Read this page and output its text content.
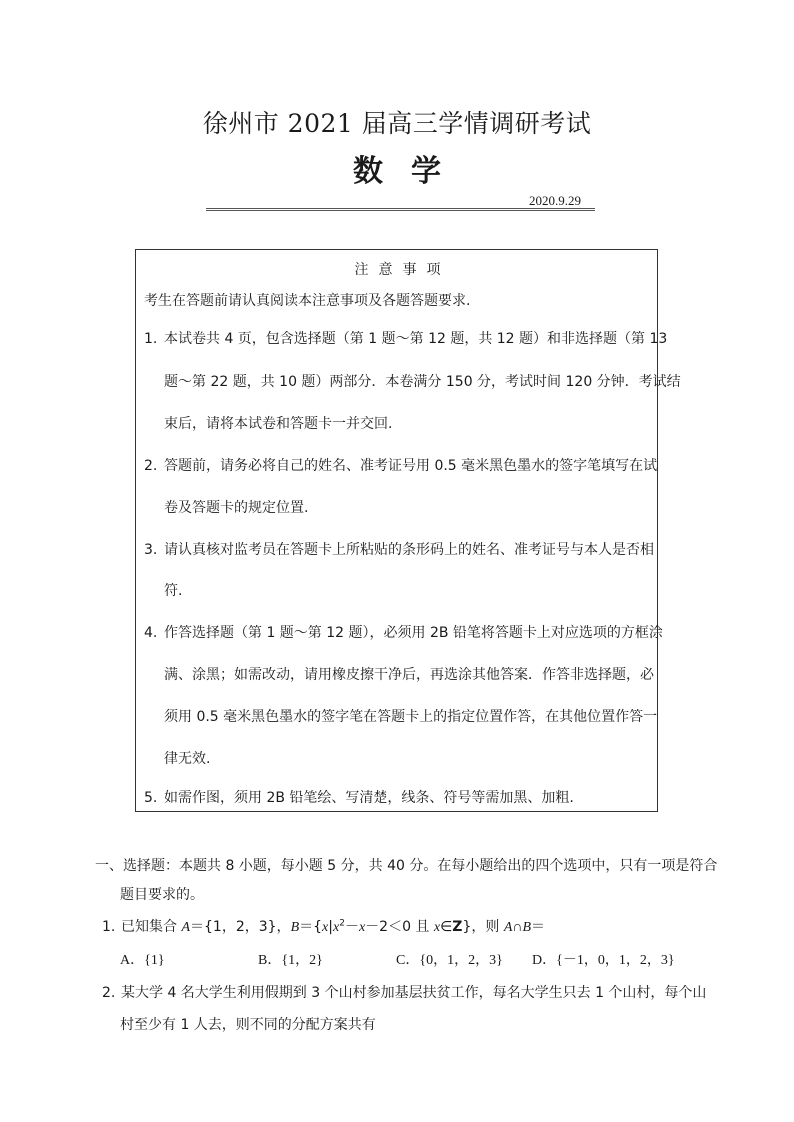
徐州市 2021 届高三学情调研考试
数学
2020.9.29
注意事项
考生在答题前请认真阅读本注意事项及各题答题要求.
1. 本试卷共 4 页，包含选择题（第 1 题～第 12 题，共 12 题）和非选择题（第 13
题～第 22 题，共 10 题）两部分．本卷满分 150 分，考试时间 120 分钟．考试结
束后，请将本试卷和答题卡一并交回.
2. 答题前，请务必将自己的姓名、准考证号用 0.5 毫米黑色墨水的签字笔填写在试
卷及答题卡的规定位置.
3. 请认真核对监考员在答题卡上所粘贴的条形码上的姓名、准考证号与本人是否相
符.
4. 作答选择题（第 1 题～第 12 题），必须用 2B 铅笔将答题卡上对应选项的方框涂
满、涂黑；如需改动，请用橡皮擦干净后，再选涂其他答案．作答非选择题，必
须用 0.5 毫米黑色墨水的签字笔在答题卡上的指定位置作答，在其他位置作答一
律无效.
5. 如需作图，须用 2B 铅笔绘、写清楚，线条、符号等需加黑、加粗.
一、选择题：本题共 8 小题，每小题 5 分，共 40 分。在每小题给出的四个选项中，只有一项是符合
题目要求的。
1. 已知集合 A＝{1，2，3}，$B=\{x|x^2-x-2<0$ 且 x∈Z}，则 A∩B＝
A．{1}	B．{1，2}	C．{0，1，2，3} D．{－1，0，1，2，3}
2. 某大学 4 名大学生利用假期到 3 个山村参加基层扶贫工作，每名大学生只去 1 个山村，每个山
村至少有 1 人去，则不同的分配方案共有
